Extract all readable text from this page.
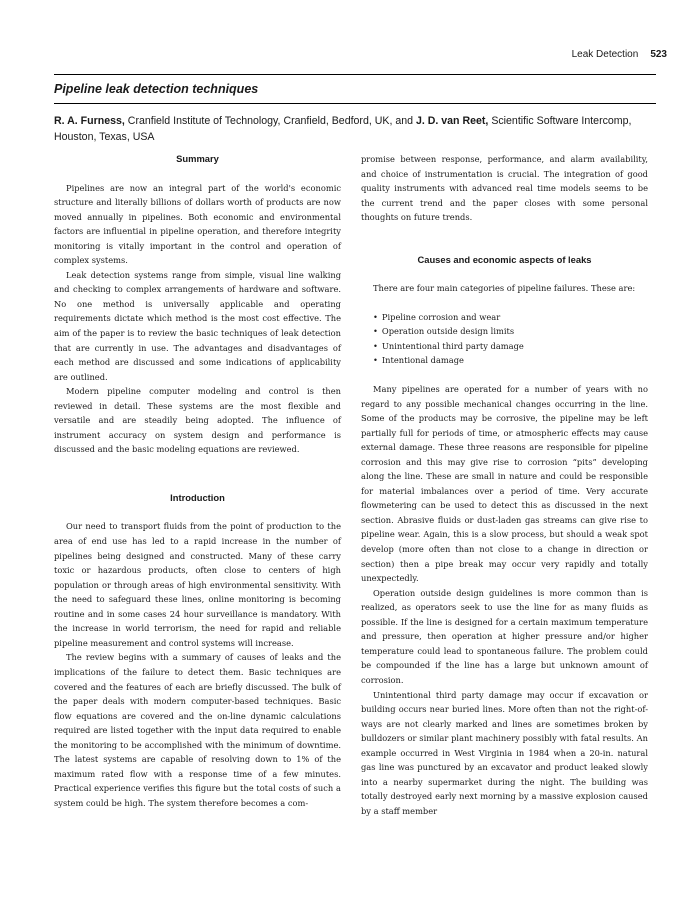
Leak Detection 523
Pipeline leak detection techniques
R. A. Furness, Cranfield Institute of Technology, Cranfield, Bedford, UK, and J. D. van Reet, Scientific Software Intercomp, Houston, Texas, USA
Summary

Pipelines are now an integral part of the world's economic structure and literally billions of dollars worth of products are now moved annually in pipelines. Both economic and environmental factors are influential in pipeline operation, and therefore integrity monitoring is vitally important in the control and operation of complex systems.

Leak detection systems range from simple, visual line walking and checking to complex arrangements of hardware and software. No one method is universally applicable and operating requirements dictate which method is the most cost effective. The aim of the paper is to review the basic techniques of leak detection that are currently in use. The advantages and disadvantages of each method are discussed and some indications of applicability are outlined.

Modern pipeline computer modeling and control is then reviewed in detail. These systems are the most flexible and versatile and are steadily being adopted. The influence of instrument accuracy on system design and performance is discussed and the basic modeling equations are reviewed.

Introduction

Our need to transport fluids from the point of production to the area of end use has led to a rapid increase in the number of pipelines being designed and constructed. Many of these carry toxic or hazardous products, often close to centers of high population or through areas of high environmental sensitivity. With the need to safeguard these lines, online monitoring is becoming routine and in some cases 24 hour surveillance is mandatory. With the increase in world terrorism, the need for rapid and reliable pipeline measurement and control systems will increase.

The review begins with a summary of causes of leaks and the implications of the failure to detect them. Basic techniques are covered and the features of each are briefly discussed. The bulk of the paper deals with modern computer-based techniques. Basic flow equations are covered and the on-line dynamic calculations required are listed together with the input data required to enable the monitoring to be accomplished with the minimum of downtime. The latest systems are capable of resolving down to 1% of the maximum rated flow with a response time of a few minutes. Practical experience verifies this figure but the total costs of such a system could be high. The system therefore becomes a com-

promise between response, performance, and alarm availability, and choice of instrumentation is crucial. The integration of good quality instruments with advanced real time models seems to be the current trend and the paper closes with some personal thoughts on future trends.

Causes and economic aspects of leaks

There are four main categories of pipeline failures. These are:

• Pipeline corrosion and wear
• Operation outside design limits
• Unintentional third party damage
• Intentional damage

Many pipelines are operated for a number of years with no regard to any possible mechanical changes occurring in the line. Some of the products may be corrosive, the pipeline may be left partially full for periods of time, or atmospheric effects may cause external damage. These three reasons are responsible for pipeline corrosion and this may give rise to corrosion “pits” developing along the line. These are small in nature and could be responsible for material imbalances over a period of time. Very accurate flowmetering can be used to detect this as discussed in the next section. Abrasive fluids or dust-laden gas streams can give rise to pipeline wear. Again, this is a slow process, but should a weak spot develop (more often than not close to a change in direction or section) then a pipe break may occur very rapidly and totally unexpectedly.

Operation outside design guidelines is more common than is realized, as operators seek to use the line for as many fluids as possible. If the line is designed for a certain maximum temperature and pressure, then operation at higher pressure and/or higher temperature could lead to spontaneous failure. The problem could be compounded if the line has a large but unknown amount of corrosion.

Unintentional third party damage may occur if excavation or building occurs near buried lines. More often than not the right-of-ways are not clearly marked and lines are sometimes broken by bulldozers or similar plant machinery possibly with fatal results. An example occurred in West Virginia in 1984 when a 20-in. natural gas line was punctured by an excavator and product leaked slowly into a nearby supermarket during the night. The building was totally destroyed early next morning by a massive explosion caused by a staff member
